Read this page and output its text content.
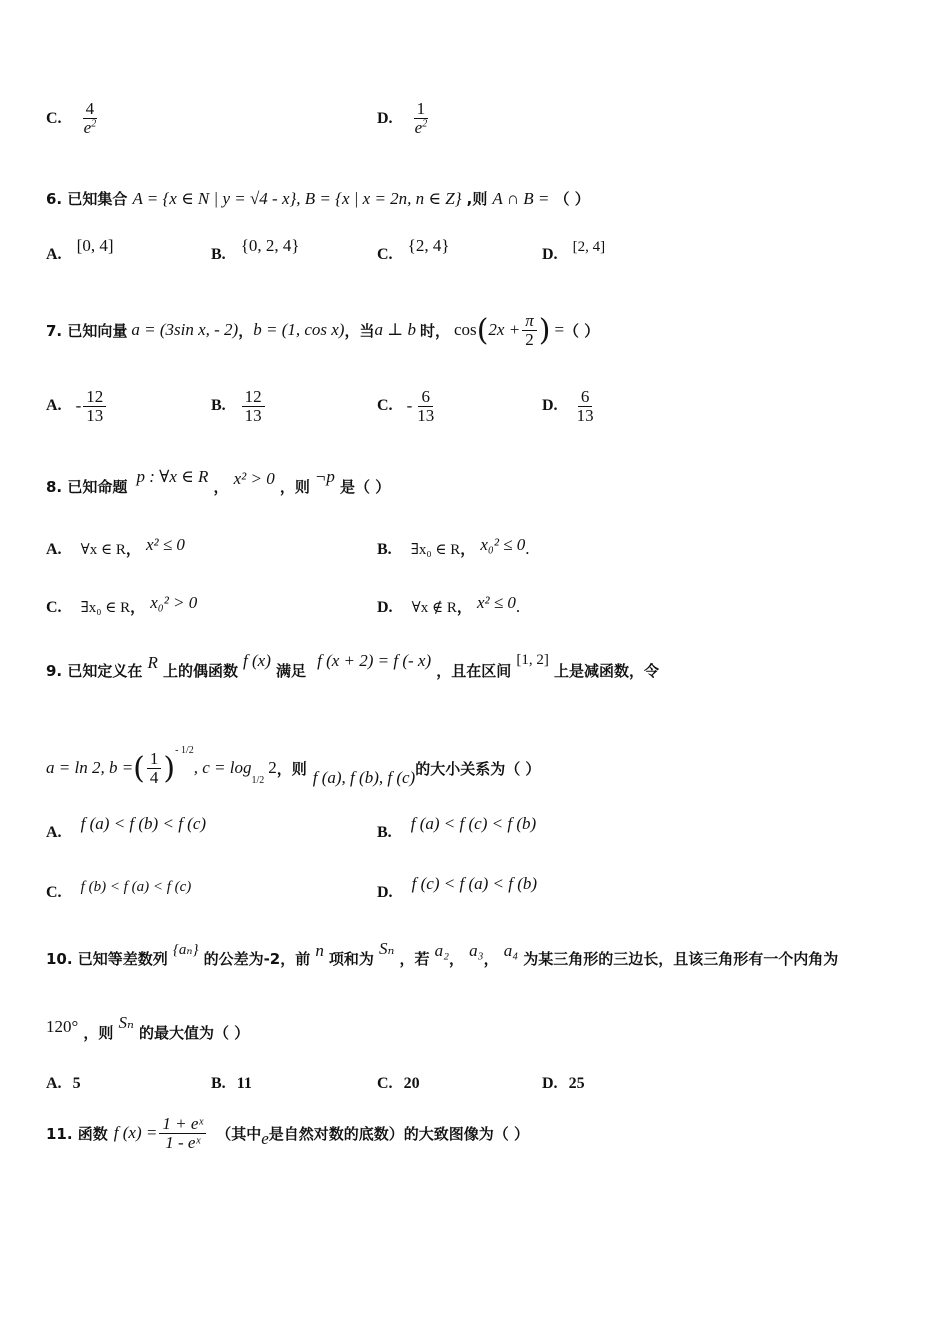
C. $\frac{4}{e^2}$	D. $\frac{1}{e^2}$
6. 已知集合 A = {x ∈ N | y = √4 - x}, B = {x | x = 2n, n ∈ Z} ,则 A ∩ B = （ ）
A. [0, 4]	B. {0, 2, 4}	C. {2, 4}	D. [2, 4]
7. 已知向量 a = (3sin x, - 2) ， b = (1, cos x) ，当 a ⊥ b 时， cos ( $2x + \frac{\pi}{2}$ ) = （ ）
A. - $\frac{12}{13}$	B. $\frac{12}{13}$	C. - $\frac{6}{13}$	D. $\frac{6}{13}$
8. 已知命题 p : ∀x ∈ R ， x² > 0 ，则 ¬p 是（ ）
A. ∀x ∈ R， x² ≤ 0	B. ∃x₀ ∈ R， x₀² ≤ 0.
C. ∃x₀ ∈ R， x₀² > 0	D. ∀x ∉ R， x² ≤ 0.
9. 已知定义在 R 上的偶函数 f (x) 满足 f (x + 2) = f (- x) ，且在区间 [1, 2] 上是减函数，令
a = ln 2, b = ( $\frac{1}{4}$ )
- 1/2
, c = log
1/2
2 ，则 f (a), f (b), f (c) 的大小关系为（ ）
A. f (a) < f (b) < f (c)	B. f (a) < f (c) < f (b)
C. f (b) < f (a) < f (c)	D. f (c) < f (a) < f (b)
10. 已知等差数列 {aₙ} 的公差为-2，前 n 项和为 Sₙ ，若 a₂， a₃， a₄ 为某三角形的三边长，且该三角形有一个内角为
120° ，则 Sₙ 的最大值为（ ）
A. 5	B. 11	C. 20	D. 25
11. 函数 f $(x) = \frac{\text{1 + eˣ}}{\text{1 - eˣ}}$ （其中 e 是自然对数的底数）的大致图像为（ ）
